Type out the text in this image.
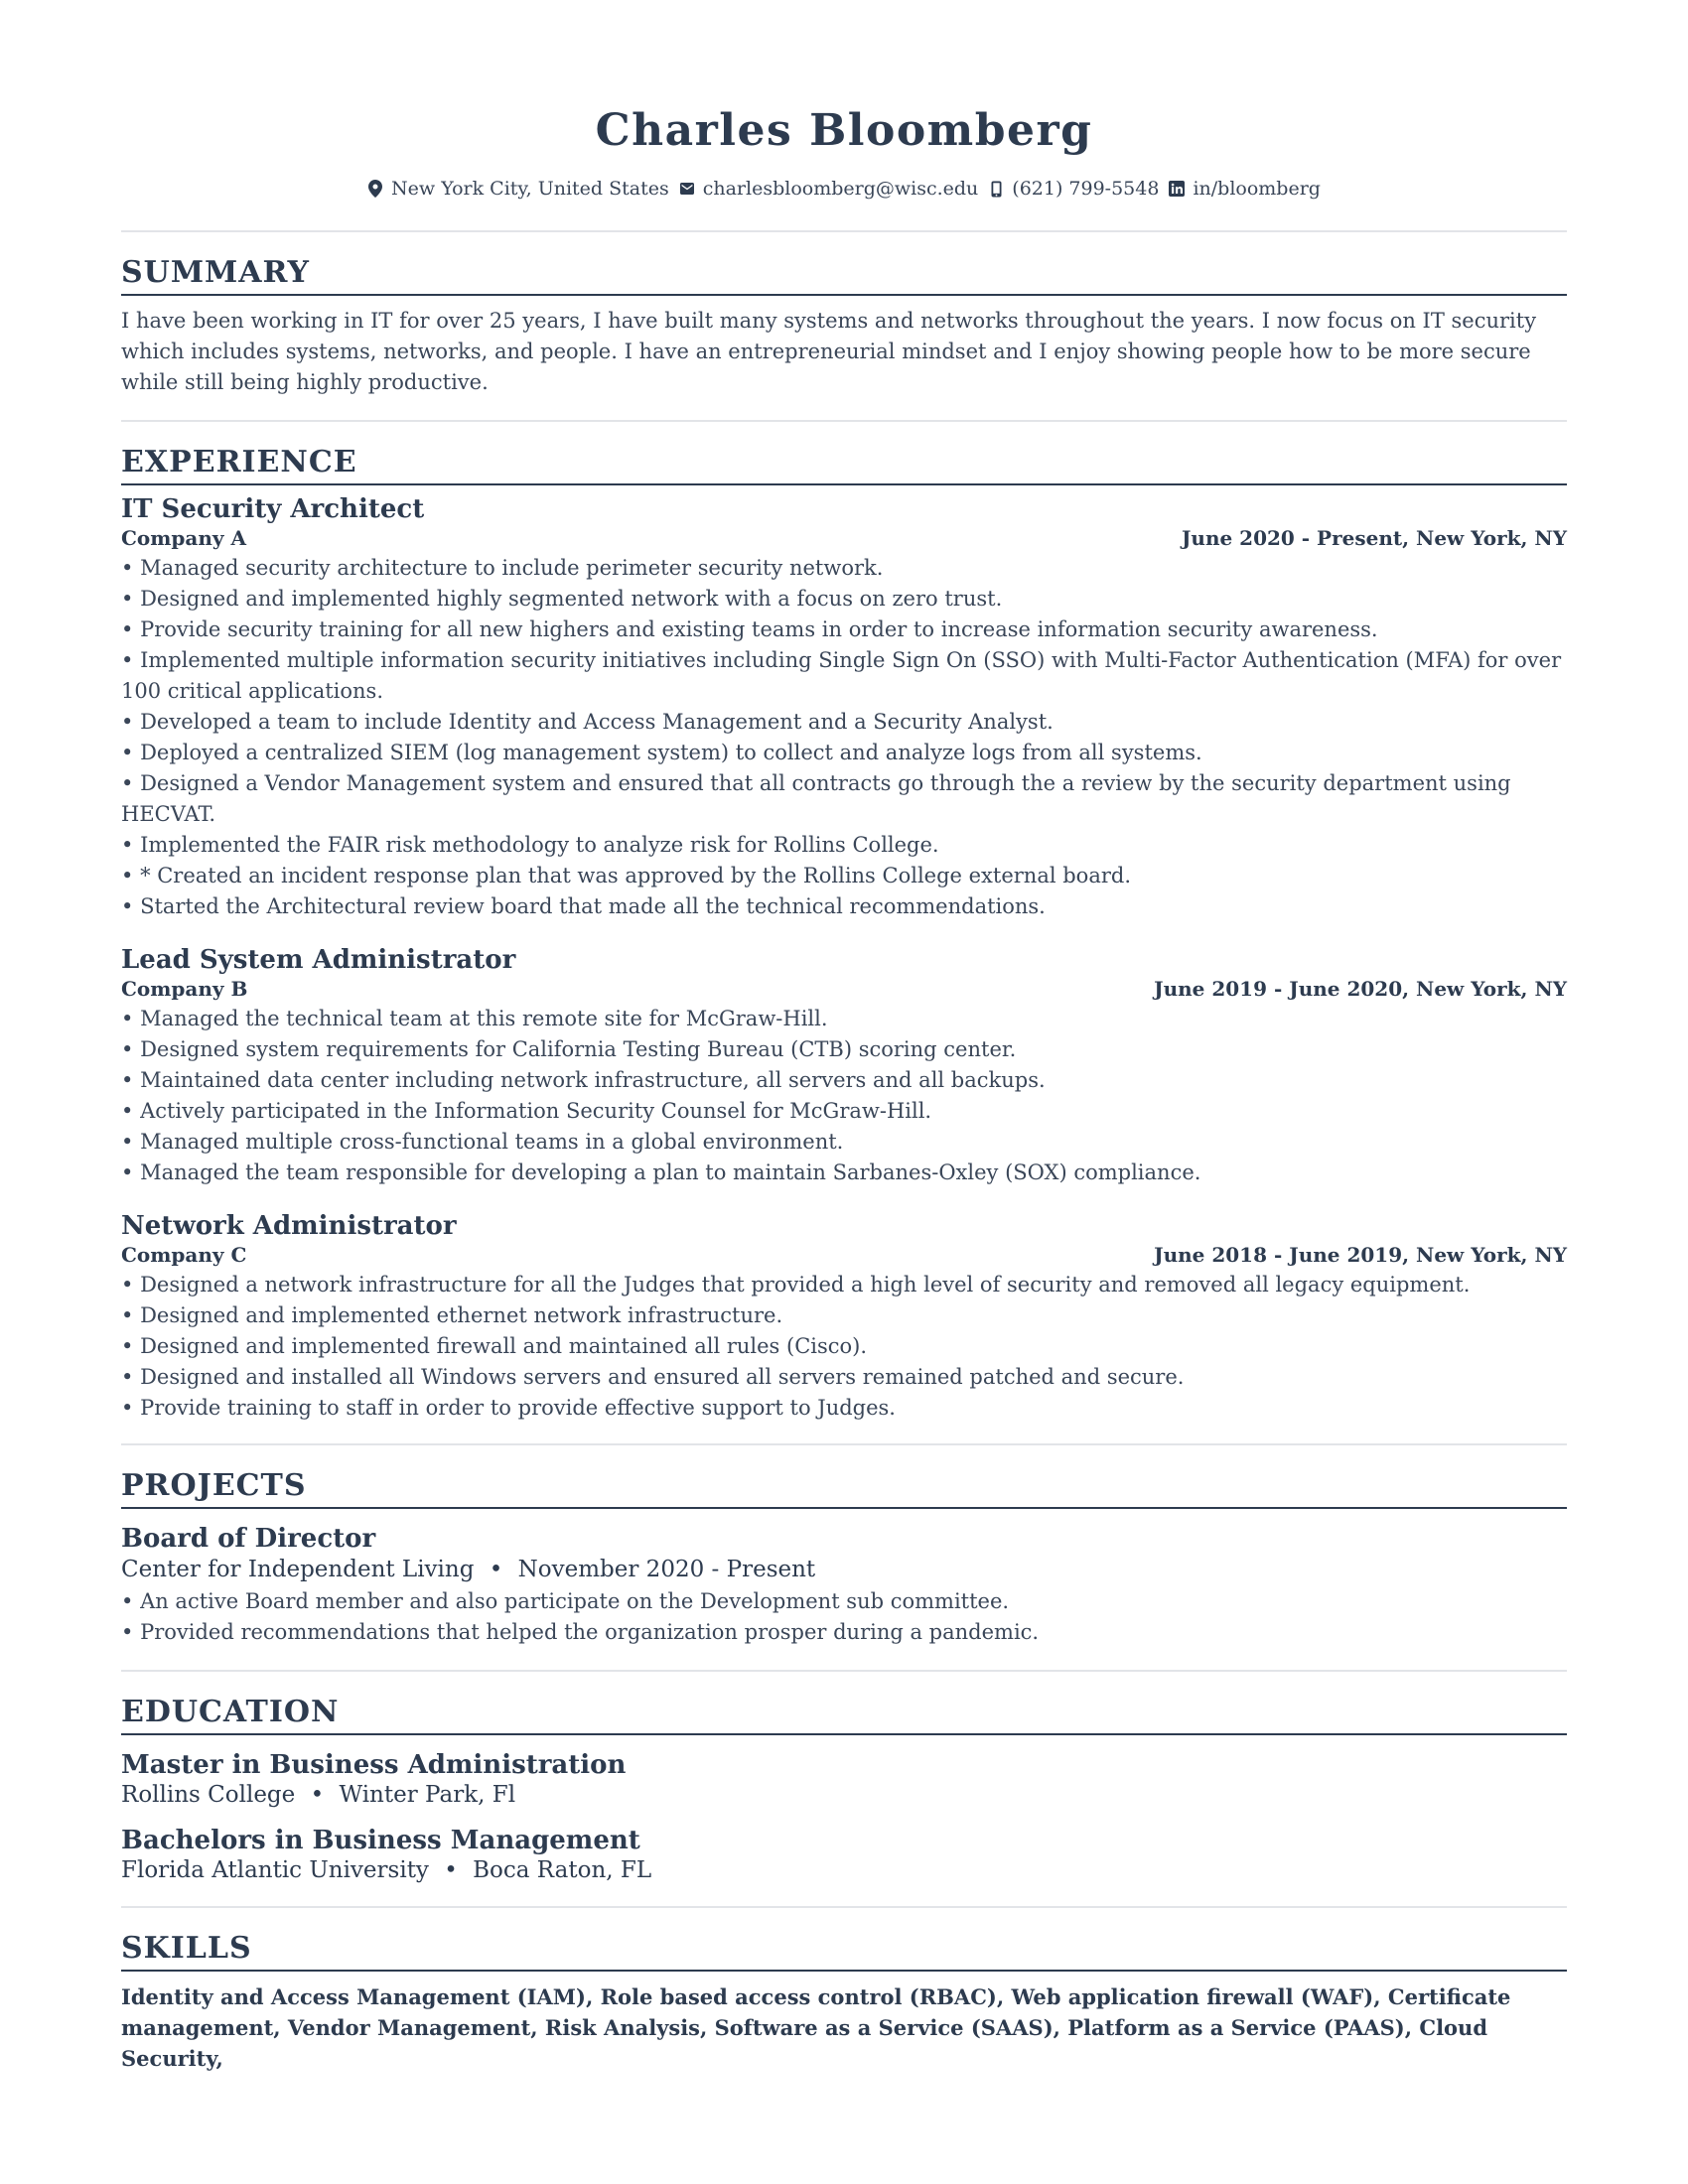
Charles Bloomberg
New York City, United States charlesbloomberg@wisc.edu (621) 799-5548 in/bloomberg
SUMMARY

I have been working in IT for over 25 years, I have built many systems and networks throughout the years. I now focus on IT security which includes systems, networks, and people. I have an entrepreneurial mindset and I enjoy showing people how to be more secure while still being highly productive.

EXPERIENCE
IT Security Architect
Company A	June 2020 - Present, New York, NY
• Managed security architecture to include perimeter security network.
• Designed and implemented highly segmented network with a focus on zero trust.
• Provide security training for all new highers and existing teams in order to increase information security awareness.
• Implemented multiple information security initiatives including Single Sign On (SSO) with Multi-Factor Authentication (MFA) for over 100 critical applications.
• Developed a team to include Identity and Access Management and a Security Analyst.
• Deployed a centralized SIEM (log management system) to collect and analyze logs from all systems.
• Designed a Vendor Management system and ensured that all contracts go through the a review by the security department using HECVAT.
• Implemented the FAIR risk methodology to analyze risk for Rollins College.
• * Created an incident response plan that was approved by the Rollins College external board.
• Started the Architectural review board that made all the technical recommendations.
Lead System Administrator
Company B	June 2019 - June 2020, New York, NY
• Managed the technical team at this remote site for McGraw-Hill.
• Designed system requirements for California Testing Bureau (CTB) scoring center.
• Maintained data center including network infrastructure, all servers and all backups.
• Actively participated in the Information Security Counsel for McGraw-Hill.
• Managed multiple cross-functional teams in a global environment.
• Managed the team responsible for developing a plan to maintain Sarbanes-Oxley (SOX) compliance.
Network Administrator
Company C	June 2018 - June 2019, New York, NY
• Designed a network infrastructure for all the Judges that provided a high level of security and removed all legacy equipment.
• Designed and implemented ethernet network infrastructure.
• Designed and implemented firewall and maintained all rules (Cisco).
• Designed and installed all Windows servers and ensured all servers remained patched and secure.
• Provide training to staff in order to provide effective support to Judges.
PROJECTS
Board of Director
Center for Independent Living • November 2020 - Present
• An active Board member and also participate on the Development sub committee.
• Provided recommendations that helped the organization prosper during a pandemic.
EDUCATION
Master in Business Administration
Rollins College • Winter Park, Fl
Bachelors in Business Management
Florida Atlantic University • Boca Raton, FL
SKILLS
Identity and Access Management (IAM), Role based access control (RBAC), Web application firewall (WAF), Certificate management, Vendor Management, Risk Analysis, Software as a Service (SAAS), Platform as a Service (PAAS), Cloud Security,
